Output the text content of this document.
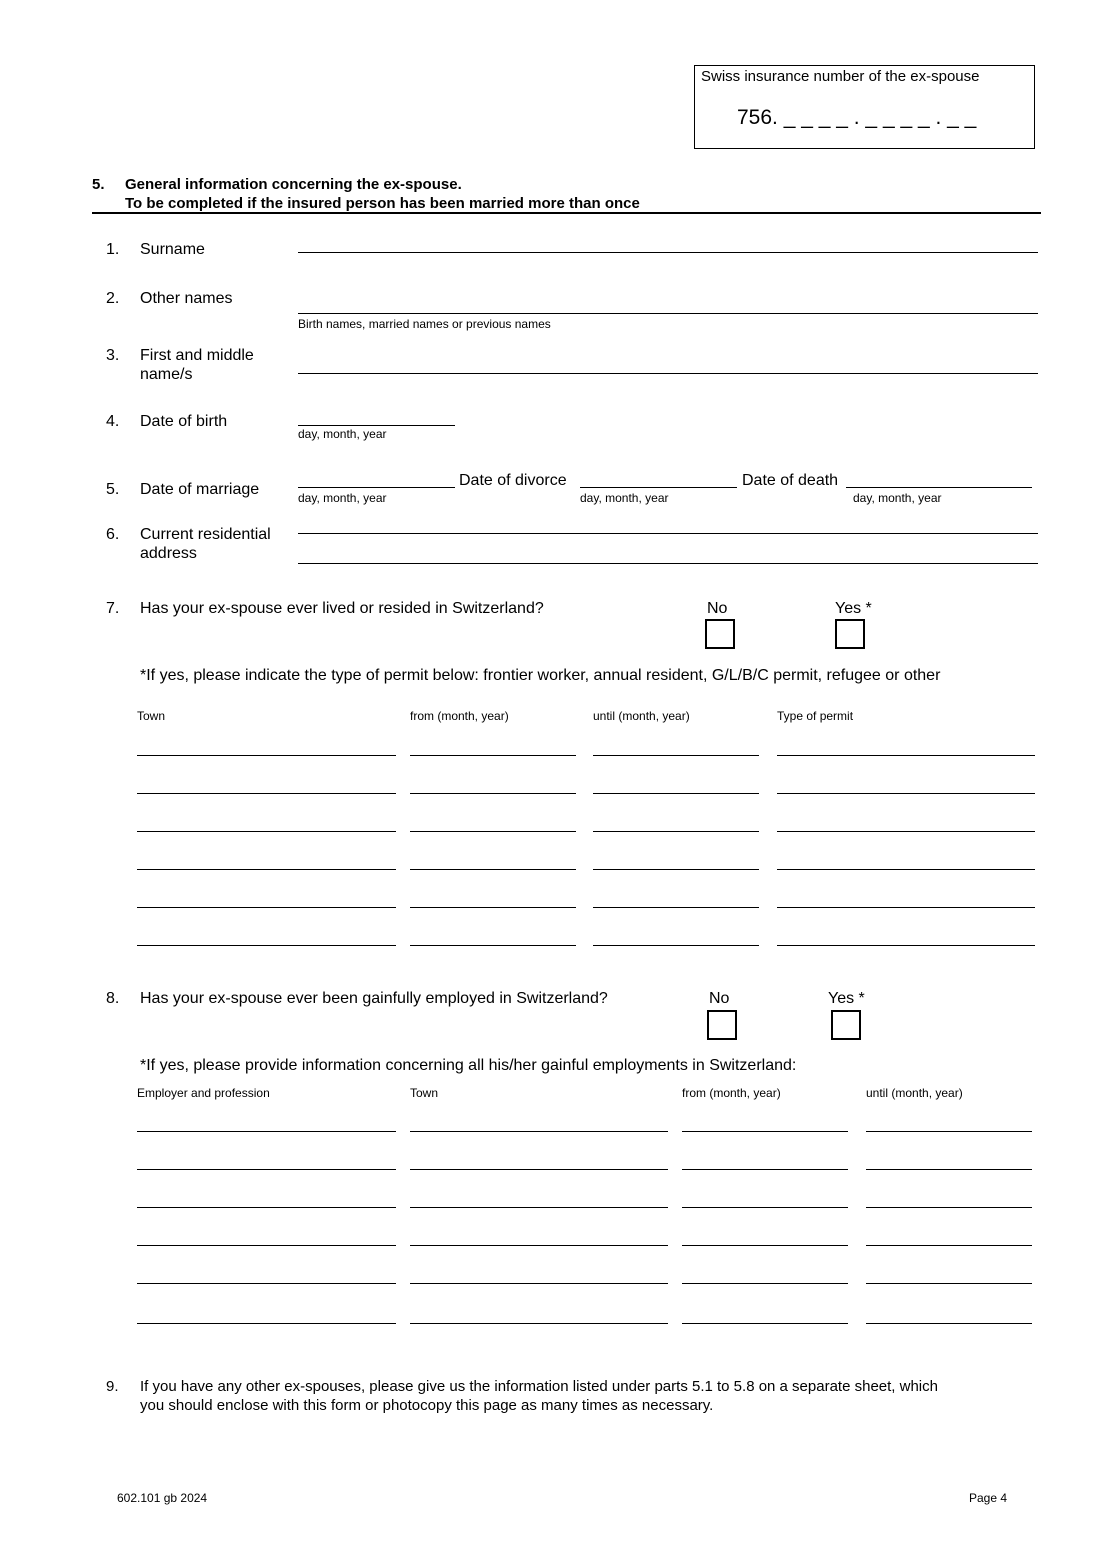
Swiss insurance number of the ex-spouse
756. _ _ _ _ . _ _ _ _ . _ _
5. General information concerning the ex-spouse.
To be completed if the insured person has been married more than once
1. Surname
2. Other names
Birth names, married names or previous names
3. First and middle
name/s
4. Date of birth
day, month, year
5. Date of marriage	day, month, year
Date of divorce
day, month, year
Date of death
day, month, year
6. Current residential
address
7. Has your ex-spouse ever lived or resided in Switzerland?	No	Yes *
*If yes, please indicate the type of permit below: frontier worker, annual resident, G/L/B/C permit, refugee or other
Town	from (month, year)	until (month, year)	Type of permit
8. Has your ex-spouse ever been gainfully employed in Switzerland?	No	Yes *
*If yes, please provide information concerning all his/her gainful employments in Switzerland:
Employer and profession	Town	from (month, year)	until (month, year)
9. If you have any other ex-spouses, please give us the information listed under parts 5.1 to 5.8 on a separate sheet, which
you should enclose with this form or photocopy this page as many times as necessary.
602.101 gb 2024	Page 4
